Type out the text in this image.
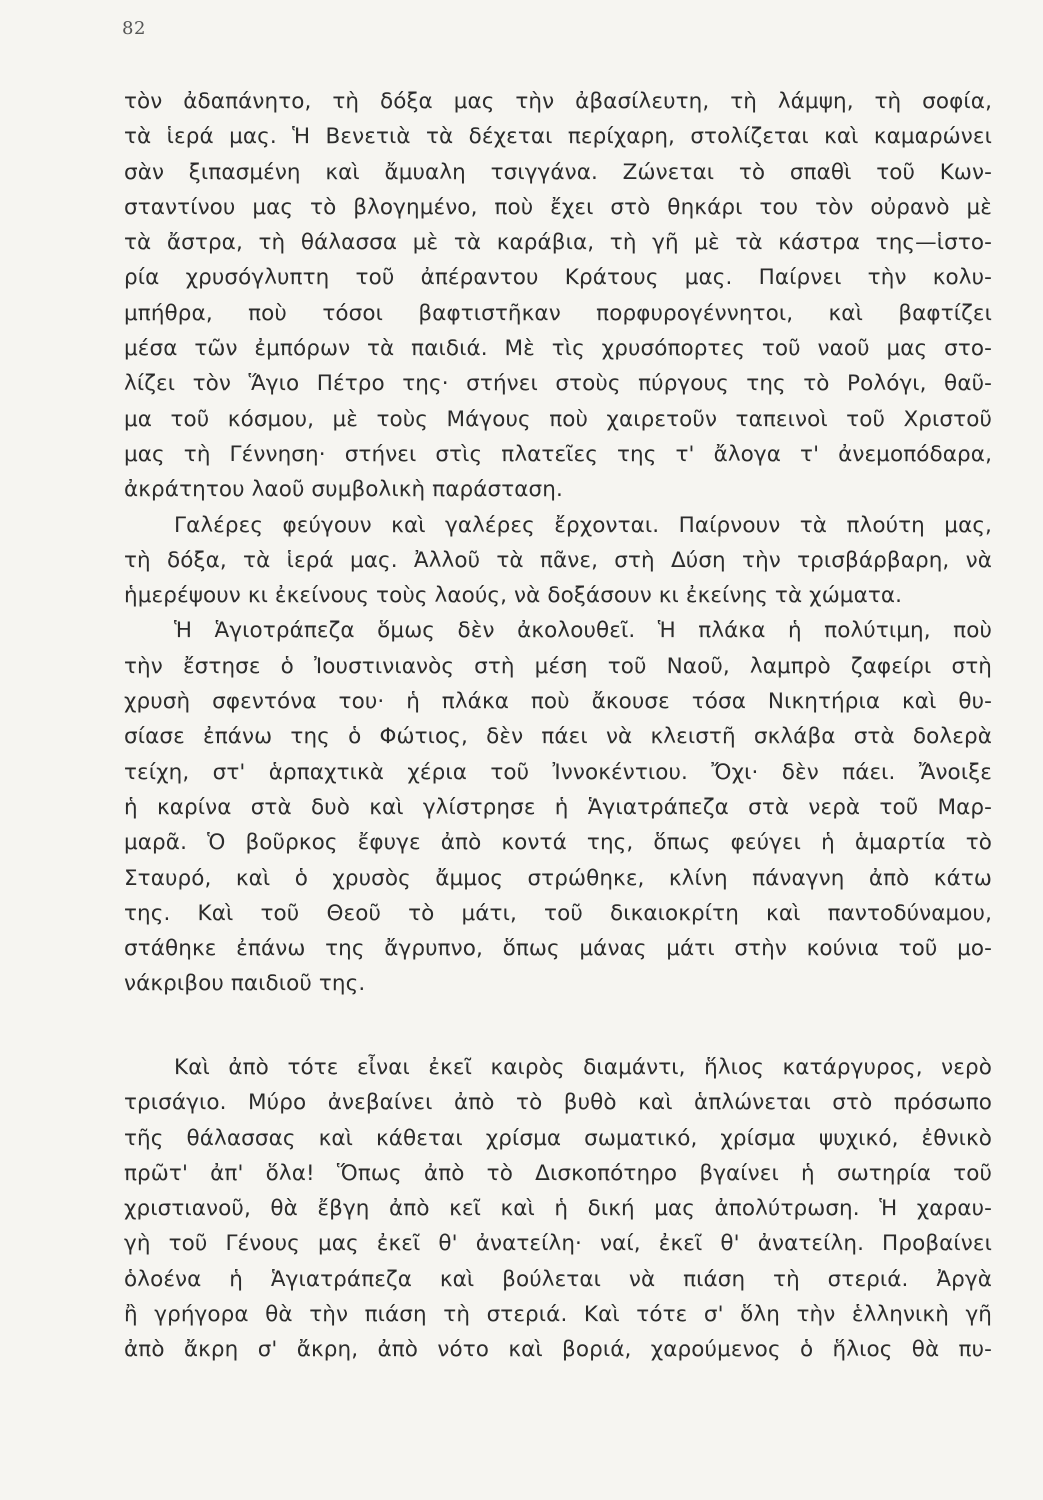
82
τὸν ἀδαπάνητο, τὴ δόξα μας τὴν ἀβασίλευτη, τὴ λάμψη, τὴ σοφία,
τὰ ἱερά μας. Ἡ Βενετιὰ τὰ δέχεται περίχαρη, στολίζεται καὶ καμαρώνει
σὰν ξιπασμένη καὶ ἄμυαλη τσιγγάνα. Ζώνεται τὸ σπαθὶ τοῦ Κων-
σταντίνου μας τὸ βλογημένο, ποὺ ἔχει στὸ θηκάρι του τὸν οὐρανὸ μὲ
τὰ ἄστρα, τὴ θάλασσα μὲ τὰ καράβια, τὴ γῆ μὲ τὰ κάστρα της—ἱστο-
ρία χρυσόγλυπτη τοῦ ἀπέραντου Κράτους μας. Παίρνει τὴν κολυ-
μπήθρα, ποὺ τόσοι βαφτιστῆκαν πορφυρογέννητοι, καὶ βαφτίζει
μέσα τῶν ἐμπόρων τὰ παιδιά. Μὲ τὶς χρυσόπορτες τοῦ ναοῦ μας στο-
λίζει τὸν Ἅγιο Πέτρο της· στήνει στοὺς πύργους της τὸ Ρολόγι, θαῦ-
μα τοῦ κόσμου, μὲ τοὺς Μάγους ποὺ χαιρετοῦν ταπεινοὶ τοῦ Χριστοῦ
μας τὴ Γέννηση· στήνει στὶς πλατεῖες της τ' ἄλογα τ' ἀνεμοπόδαρα,
ἀκράτητου λαοῦ συμβολικὴ παράσταση.
Γαλέρες φεύγουν καὶ γαλέρες ἔρχονται. Παίρνουν τὰ πλούτη μας,
τὴ δόξα, τὰ ἱερά μας. Ἀλλοῦ τὰ πᾶνε, στὴ Δύση τὴν τρισβάρβαρη, νὰ
ἡμερέψουν κι ἐκείνους τοὺς λαούς, νὰ δοξάσουν κι ἐκείνης τὰ χώματα.
Ἡ Ἁγιοτράπεζα ὅμως δὲν ἀκολουθεῖ. Ἡ πλάκα ἡ πολύτιμη, ποὺ
τὴν ἔστησε ὁ Ἰουστινιανὸς στὴ μέση τοῦ Ναοῦ, λαμπρὸ ζαφείρι στὴ
χρυσὴ σφεντόνα του· ἡ πλάκα ποὺ ἄκουσε τόσα Νικητήρια καὶ θυ-
σίασε ἐπάνω της ὁ Φώτιος, δὲν πάει νὰ κλειστῆ σκλάβα στὰ δολερὰ
τείχη, στ' ἁρπαχτικὰ χέρια τοῦ Ἰννοκέντιου. Ὄχι· δὲν πάει. Ἄνοιξε
ἡ καρίνα στὰ δυὸ καὶ γλίστρησε ἡ Ἁγιατράπεζα στὰ νερὰ τοῦ Μαρ-
μαρᾶ. Ὁ βοῦρκος ἔφυγε ἀπὸ κοντά της, ὅπως φεύγει ἡ ἁμαρτία τὸ
Σταυρό, καὶ ὁ χρυσὸς ἄμμος στρώθηκε, κλίνη πάναγνη ἀπὸ κάτω
της. Καὶ τοῦ Θεοῦ τὸ μάτι, τοῦ δικαιοκρίτη καὶ παντοδύναμου,
στάθηκε ἐπάνω της ἄγρυπνο, ὅπως μάνας μάτι στὴν κούνια τοῦ μο-
νάκριβου παιδιοῦ της.
Καὶ ἀπὸ τότε εἶναι ἐκεῖ καιρὸς διαμάντι, ἥλιος κατάργυρος, νερὸ
τρισάγιο. Μύρο ἀνεβαίνει ἀπὸ τὸ βυθὸ καὶ ἁπλώνεται στὸ πρόσωπο
τῆς θάλασσας καὶ κάθεται χρίσμα σωματικό, χρίσμα ψυχικό, ἐθνικὸ
πρῶτ' ἀπ' ὅλα! Ὅπως ἀπὸ τὸ Δισκοπότηρο βγαίνει ἡ σωτηρία τοῦ
χριστιανοῦ, θὰ ἔβγη ἀπὸ κεῖ καὶ ἡ δική μας ἀπολύτρωση. Ἡ χαραυ-
γὴ τοῦ Γένους μας ἐκεῖ θ' ἀνατείλη· ναί, ἐκεῖ θ' ἀνατείλη. Προβαίνει
ὁλοένα ἡ Ἁγιατράπεζα καὶ βούλεται νὰ πιάση τὴ στεριά. Ἀργὰ
ἢ γρήγορα θὰ τὴν πιάση τὴ στεριά. Καὶ τότε σ' ὅλη τὴν ἑλληνικὴ γῆ
ἀπὸ ἄκρη σ' ἄκρη, ἀπὸ νότο καὶ βοριά, χαρούμενος ὁ ἥλιος θὰ πυ-
